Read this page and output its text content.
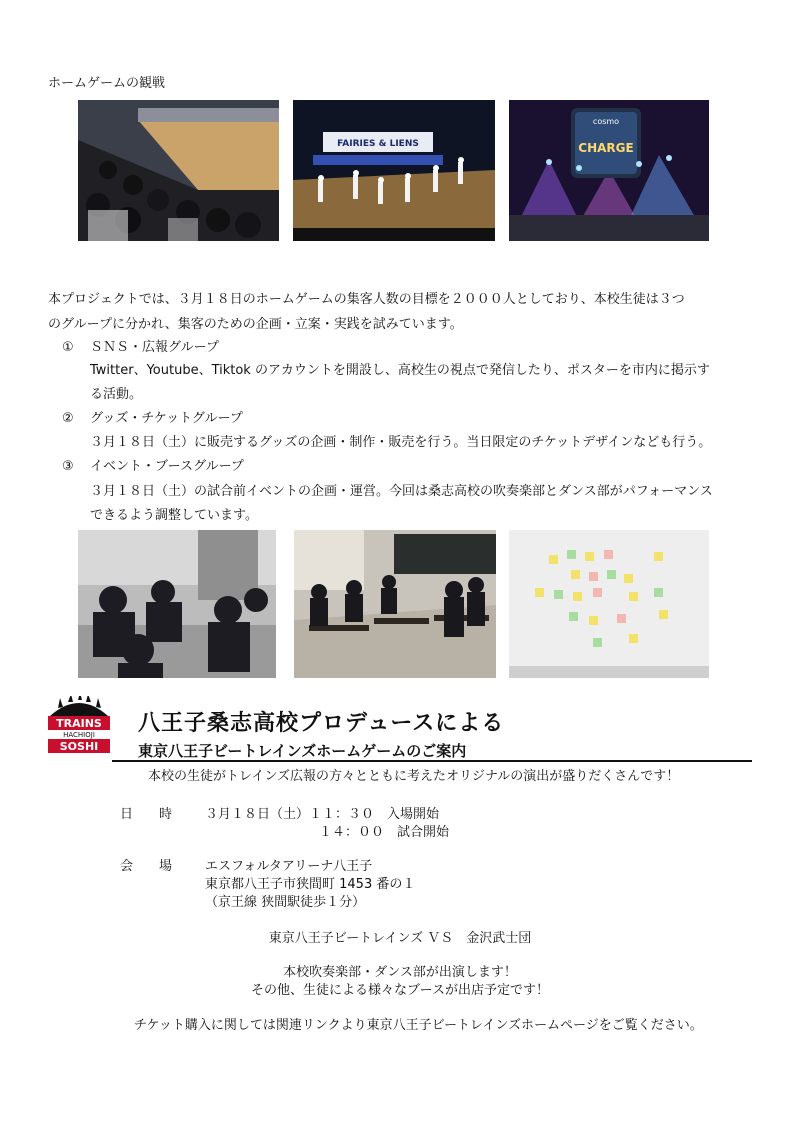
ホームゲームの観戦
FAIRIES & LIENS
cosmo
CHARGE
本プロジェクトでは、３月１８日のホームゲームの集客人数の目標を２０００人としており、本校生徒は３つ
のグループに分かれ、集客のための企画・立案・実践を試みています。
① ＳＮＳ・広報グループ
Twitter、Youtube、Tiktok のアカウントを開設し、高校生の視点で発信したり、ポスターを市内に掲示す
る活動。
② グッズ・チケットグループ
３月１８日（土）に販売するグッズの企画・制作・販売を行う。当日限定のチケットデザインなども行う。
③ イベント・ブースグループ
３月１８日（土）の試合前イベントの企画・運営。今回は桑志高校の吹奏楽部とダンス部がパフォーマンス
できるよう調整しています。
TRAINS
HACHIOJI
SOSHI
八王子桑志高校プロデュースによる
東京八王子ビートレインズホームゲームのご案内
本校の生徒がトレインズ広報の方々とともに考えたオリジナルの演出が盛りだくさんです！
日　　時	３月１８日（土）１１：３０　入場開始
１４：００　試合開始
会　　場	エスフォルタアリーナ八王子
東京都八王子市狭間町 1453 番の１
（京王線 狭間駅徒歩１分）
東京八王子ビートレインズ ＶＳ　金沢武士団
本校吹奏楽部・ダンス部が出演します！
その他、生徒による様々なブースが出店予定です！
チケット購入に関しては関連リンクより東京八王子ビートレインズホームページをご覧ください。
